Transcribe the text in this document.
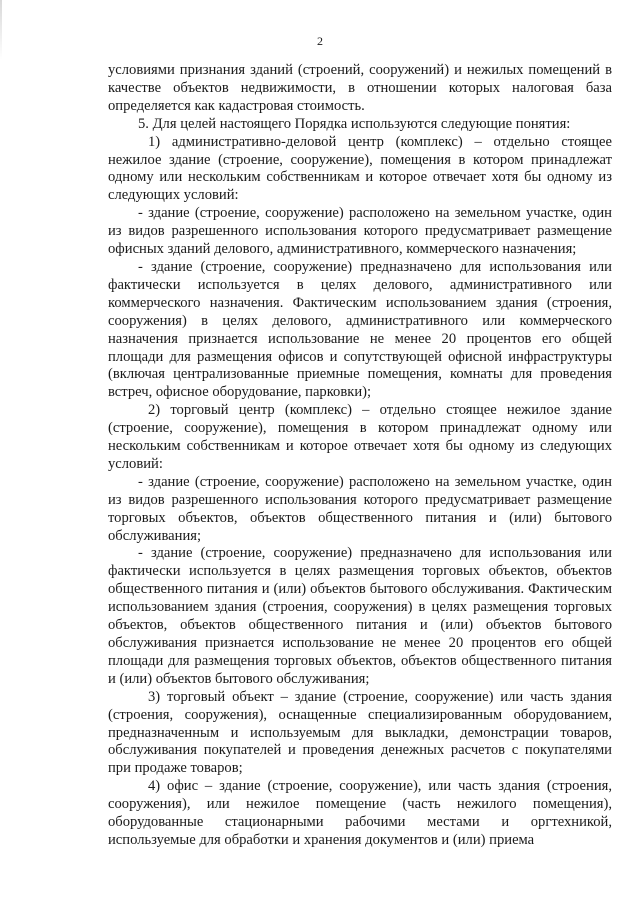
2

условиями признания зданий (строений, сооружений) и нежилых помещений в качестве объектов недвижимости, в отношении которых налоговая база определяется как кадастровая стоимость.

5. Для целей настоящего Порядка используются следующие понятия:

1) административно-деловой центр (комплекс) – отдельно стоящее нежилое здание (строение, сооружение), помещения в котором принадлежат одному или нескольким собственникам и которое отвечает хотя бы одному из следующих условий:

- здание (строение, сооружение) расположено на земельном участке, один из видов разрешенного использования которого предусматривает размещение офисных зданий делового, административного, коммерческого назначения;

- здание (строение, сооружение) предназначено для использования или фактически используется в целях делового, административного или коммерческого назначения. Фактическим использованием здания (строения, сооружения) в целях делового, административного или коммерческого назначения признается использование не менее 20 процентов его общей площади для размещения офисов и сопутствующей офисной инфраструктуры (включая централизованные приемные помещения, комнаты для проведения встреч, офисное оборудование, парковки);

2) торговый центр (комплекс) – отдельно стоящее нежилое здание (строение, сооружение), помещения в котором принадлежат одному или нескольким собственникам и которое отвечает хотя бы одному из следующих условий:

- здание (строение, сооружение) расположено на земельном участке, один из видов разрешенного использования которого предусматривает размещение торговых объектов, объектов общественного питания и (или) бытового обслуживания;

- здание (строение, сооружение) предназначено для использования или фактически используется в целях размещения торговых объектов, объектов общественного питания и (или) объектов бытового обслуживания. Фактическим использованием здания (строения, сооружения) в целях размещения торговых объектов, объектов общественного питания и (или) объектов бытового обслуживания признается использование не менее 20 процентов его общей площади для размещения торговых объектов, объектов общественного питания и (или) объектов бытового обслуживания;

3) торговый объект – здание (строение, сооружение) или часть здания (строения, сооружения), оснащенные специализированным оборудованием, предназначенным и используемым для выкладки, демонстрации товаров, обслуживания покупателей и проведения денежных расчетов с покупателями при продаже товаров;

4) офис – здание (строение, сооружение), или часть здания (строения, сооружения), или нежилое помещение (часть нежилого помещения), оборудованные стационарными рабочими местами и оргтехникой, используемые для обработки и хранения документов и (или) приема
